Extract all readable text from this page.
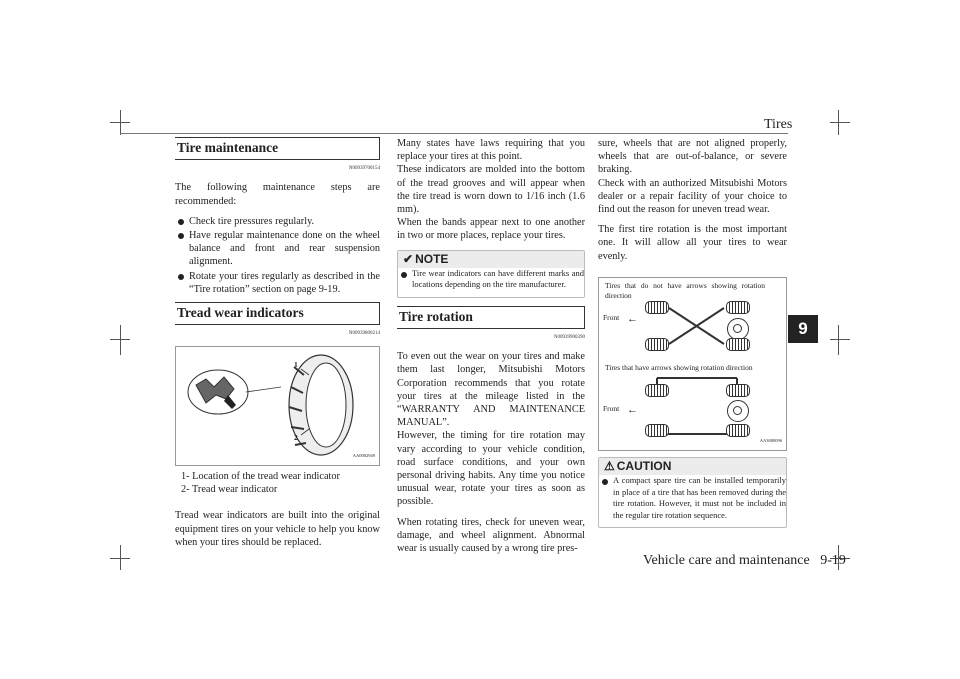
Tires
9
Vehicle care and maintenance   9-19
Tire maintenance
N00939700154

The following maintenance steps are recommended:

Check tire pressures regularly.
Have regular maintenance done on the wheel balance and front and rear suspension alignment.
Rotate your tires regularly as described in the “Tire rotation” section on page 9-19.
Tread wear indicators
N00939800214
1
2
AA0002949
1- Location of the tread wear indicator
2- Tread wear indicator

Tread wear indicators are built into the original equipment tires on your vehicle to help you know when your tires should be replaced.

Many states have laws requiring that you replace your tires at this point.

These indicators are molded into the bottom of the tread grooves and will appear when the tire tread is worn down to 1/16 inch (1.6 mm).

When the bands appear next to one another in two or more places, replace your tires.

✔ NOTE
Tire wear indicators can have different marks and locations depending on the tire manufacturer.
Tire rotation
N00939900390

To even out the wear on your tires and make them last longer, Mitsubishi Motors Corporation recommends that you rotate your tires at the mileage listed in the “WARRANTY AND MAINTENANCE MANUAL”.

However, the timing for tire rotation may vary according to your vehicle condition, road surface conditions, and your own personal driving habits. Any time you notice unusual wear, rotate your tires as soon as possible.

When rotating tires, check for uneven wear, damage, and wheel alignment. Abnormal wear is usually caused by a wrong tire pres-

sure, wheels that are not aligned properly, wheels that are out-of-balance, or severe braking.

Check with an authorized Mitsubishi Motors dealer or a repair facility of your choice to find out the reason for uneven tread wear.

The first tire rotation is the most important one. It will allow all your tires to wear evenly.

Tires that do not have arrows showing rotation direction
Front ←
Tires that have arrows showing rotation direction
Front ←
AA3000096
⚠ CAUTION
A compact spare tire can be installed temporarily in place of a tire that has been removed during the tire rotation. However, it must not be included in the regular tire rotation sequence.
